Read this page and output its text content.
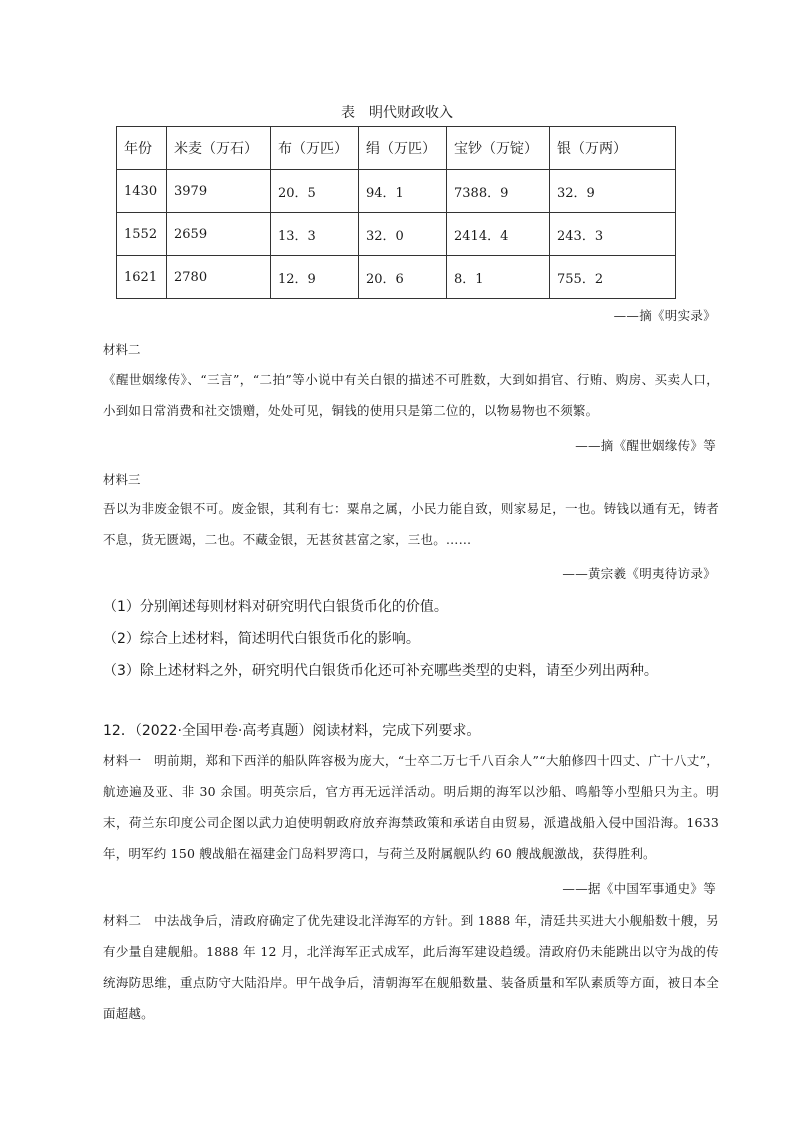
表　明代财政收入
年份	米麦（万石）	布（万匹）	绢（万匹）	宝钞（万锭）	银（万两）
1430	3979	20．5	94．1	7388．9	32．9
1552	2659	13．3	32．0	2414．4	243．3
1621	2780	12．9	20．6	8．1	755．2
——摘《明实录》
材料二
《醒世姻缘传》、“三言”，“二拍”等小说中有关白银的描述不可胜数，大到如捐官、行贿、购房、买卖人口，小到如日常消费和社交馈赠，处处可见，铜钱的使用只是第二位的，以物易物也不须繁。
——摘《醒世姻缘传》等
材料三
吾以为非废金银不可。废金银，其利有七：粟帛之属，小民力能自致，则家易足，一也。铸钱以通有无，铸者不息，货无匮竭，二也。不藏金银，无甚贫甚富之家，三也。……
——黄宗羲《明夷待访录》
（1）分别阐述每则材料对研究明代白银货币化的价值。
（2）综合上述材料，简述明代白银货币化的影响。
（3）除上述材料之外，研究明代白银货币化还可补充哪些类型的史料，请至少列出两种。
12．（2022·全国甲卷·高考真题）阅读材料，完成下列要求。
材料一　明前期，郑和下西洋的船队阵容极为庞大，“士卒二万七千八百余人”“大舶修四十四丈、广十八丈”，航迹遍及亚、非 30 余国。明英宗后，官方再无远洋活动。明后期的海军以沙船、鸣船等小型船只为主。明末，荷兰东印度公司企图以武力迫使明朝政府放弃海禁政策和承诺自由贸易，派遣战船入侵中国沿海。1633 年，明军约 150 艘战船在福建金门岛料罗湾口，与荷兰及附属舰队约 60 艘战舰激战，获得胜利。
——据《中国军事通史》等
材料二　中法战争后，清政府确定了优先建设北洋海军的方针。到 1888 年，清廷共买进大小舰船数十艘，另有少量自建舰船。1888 年 12 月，北洋海军正式成军，此后海军建设趋缓。清政府仍未能跳出以守为战的传统海防思维，重点防守大陆沿岸。甲午战争后，清朝海军在舰船数量、装备质量和军队素质等方面，被日本全面超越。
